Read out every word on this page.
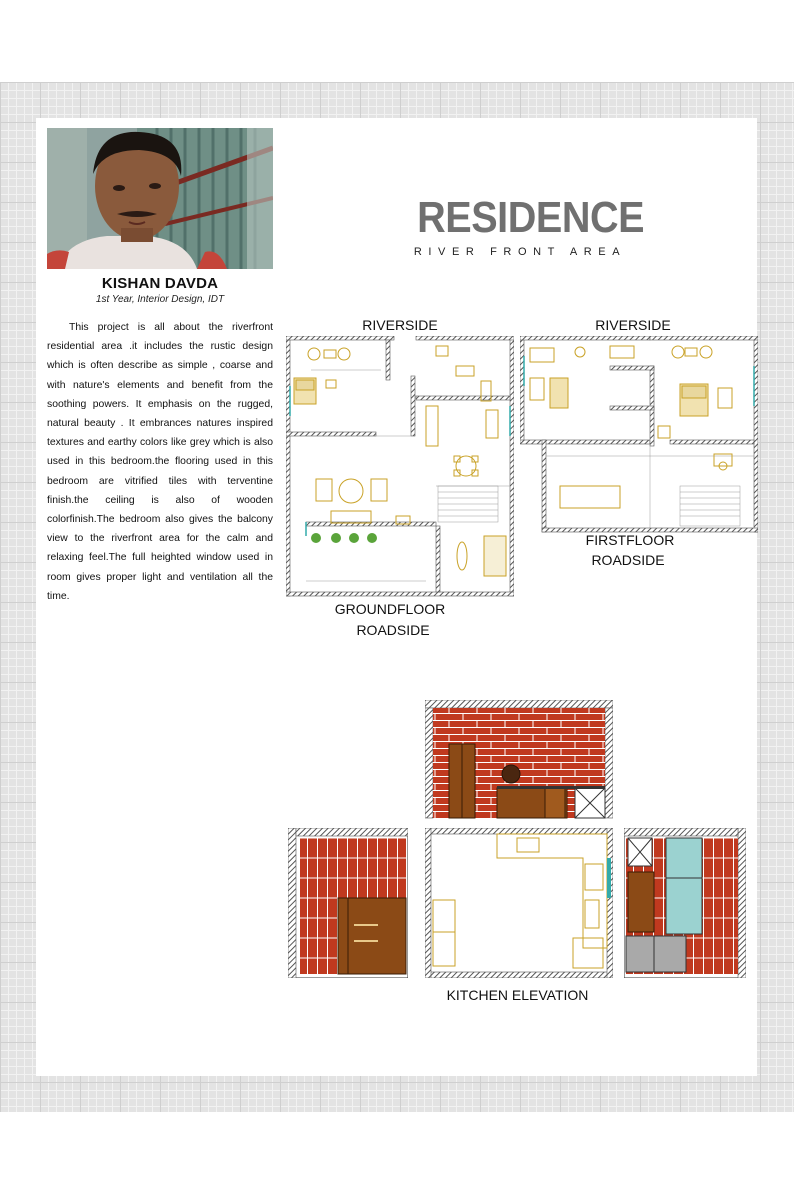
KISHAN DAVDA
1st Year, Interior Design, IDT
This project is all about the riverfront residential area .it includes the rustic design which is often describe as simple , coarse and with nature's elements and benefit from the soothing powers. It emphasis on the rugged, natural beauty . It embrances natures inspired textures and earthy colors like grey which is also used in this bedroom.the flooring used in this bedroom are vitrified tiles with terventine finish.the ceiling is also of wooden colorfinish.The bedroom also gives the balcony view to the riverfront area for the calm and relaxing feel.The full heighted window used in room gives proper light and ventilation all the time.
RESIDENCE
RIVER FRONT AREA
RIVERSIDE
GROUNDFLOOR
ROADSIDE
RIVERSIDE
FIRSTFLOOR
ROADSIDE
KITCHEN ELEVATION
